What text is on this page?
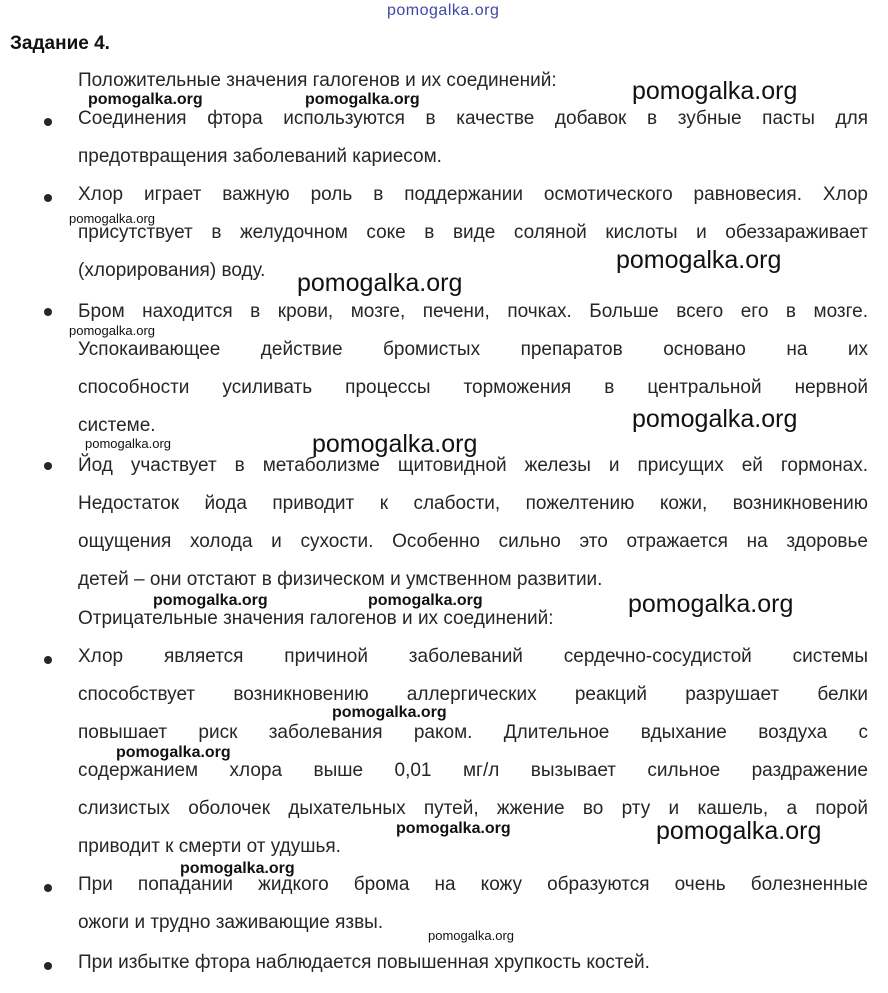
pomogalka.org
Задание 4.
Положительные значения галогенов и их соединений:
Соединения фтора используются в качестве добавок в зубные пасты для
предотвращения заболеваний кариесом.
Хлор играет важную роль в поддержании осмотического равновесия. Хлор
присутствует в желудочном соке в виде соляной кислоты и обеззараживает
(хлорирования) воду.
Бром находится в крови, мозге, печени, почках. Больше всего его в мозге.
Успокаивающее действие бромистых препаратов основано на их
способности усиливать процессы торможения в центральной нервной
системе.
Йод участвует в метаболизме щитовидной железы и присущих ей гормонах.
Недостаток йода приводит к слабости, пожелтению кожи, возникновению
ощущения холода и сухости. Особенно сильно это отражается на здоровье
детей – они отстают в физическом и умственном развитии.
Отрицательные значения галогенов и их соединений:
Хлор является причиной заболеваний сердечно-сосудистой системы
способствует возникновению аллергических реакций разрушает белки
повышает риск заболевания раком. Длительное вдыхание воздуха с
содержанием хлора выше 0,01 мг/л вызывает сильное раздражение
слизистых оболочек дыхательных путей, жжение во рту и кашель, а порой
приводит к смерти от удушья.
При попадании жидкого брома на кожу образуются очень болезненные
ожоги и трудно заживающие язвы.
При избытке фтора наблюдается повышенная хрупкость костей.
pomogalka.org	pomogalka.org	pomogalka.org
pomogalka.org
pomogalka.org
pomogalka.org
pomogalka.org
pomogalka.org
pomogalka.org	pomogalka.org
pomogalka.org	pomogalka.org	pomogalka.org
pomogalka.org
pomogalka.org
pomogalka.org	pomogalka.org
pomogalka.org
pomogalka.org
